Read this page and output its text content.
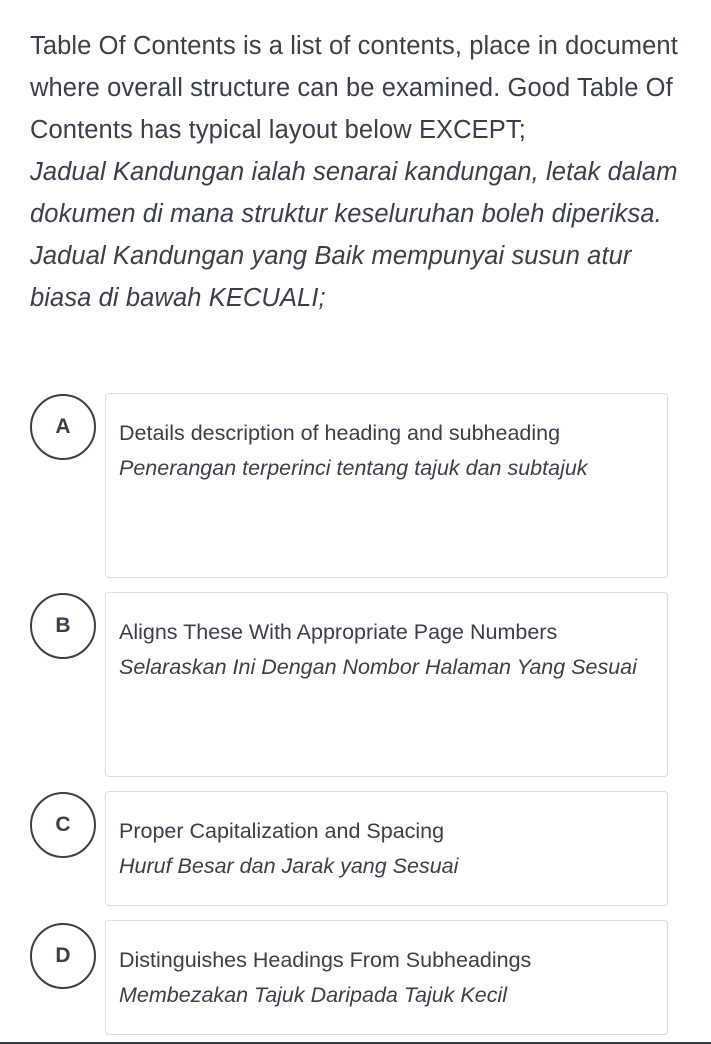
Table Of Contents is a list of contents, place in document where overall structure can be examined. Good Table Of Contents has typical layout below EXCEPT;

Jadual Kandungan ialah senarai kandungan, letak dalam dokumen di mana struktur keseluruhan boleh diperiksa. Jadual Kandungan yang Baik mempunyai susun atur biasa di bawah KECUALI;

A	Details description of heading and subheading

Penerangan terperinci tentang tajuk dan subtajuk

B	Aligns These With Appropriate Page Numbers

Selaraskan Ini Dengan Nombor Halaman Yang Sesuai

C	Proper Capitalization and Spacing

Huruf Besar dan Jarak yang Sesuai

D	Distinguishes Headings From Subheadings

Membezakan Tajuk Daripada Tajuk Kecil
